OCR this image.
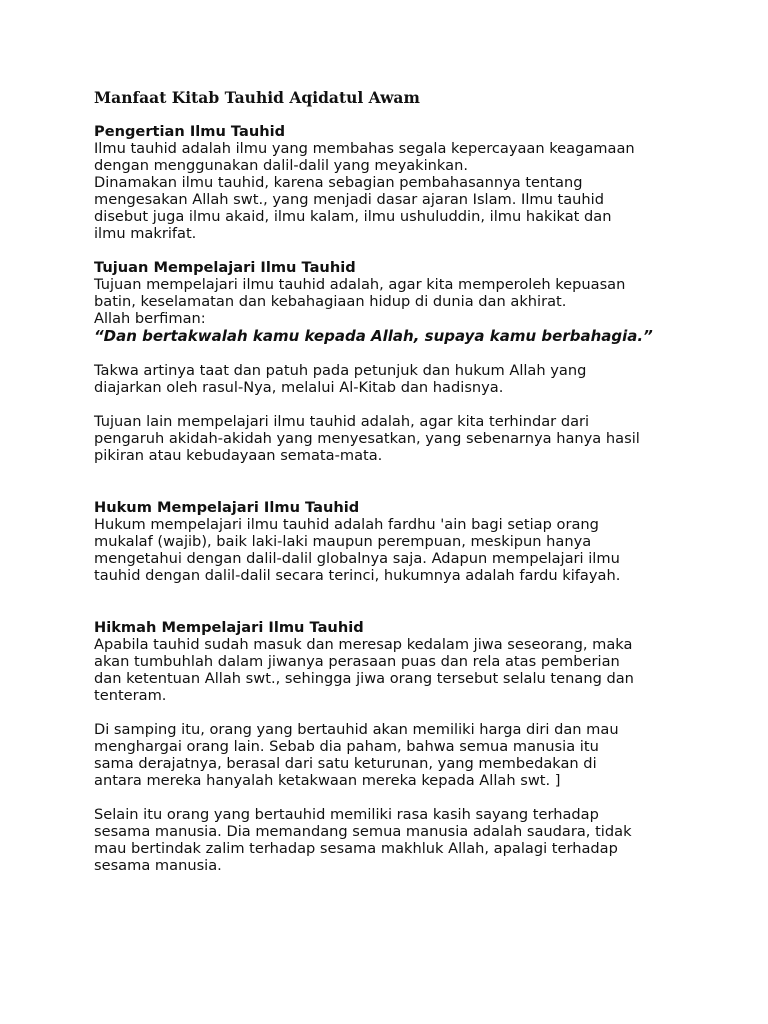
Manfaat Kitab Tauhid Aqidatul Awam
Pengertian Ilmu Tauhid

Ilmu tauhid adalah ilmu yang membahas segala kepercayaan keagamaan
dengan menggunakan dalil-dalil yang meyakinkan.

Dinamakan ilmu tauhid, karena sebagian pembahasannya tentang
mengesakan Allah swt., yang menjadi dasar ajaran Islam. Ilmu tauhid
disebut juga ilmu akaid, ilmu kalam, ilmu ushuluddin, ilmu hakikat dan
ilmu makrifat.

Tujuan Mempelajari Ilmu Tauhid

Tujuan mempelajari ilmu tauhid adalah, agar kita memperoleh kepuasan
batin, keselamatan dan kebahagiaan hidup di dunia dan akhirat.
Allah berfiman:

“Dan bertakwalah kamu kepada Allah, supaya kamu berbahagia.”

Takwa artinya taat dan patuh pada petunjuk dan hukum Allah yang
diajarkan oleh rasul-Nya, melalui Al-Kitab dan hadisnya.

Tujuan lain mempelajari ilmu tauhid adalah, agar kita terhindar dari
pengaruh akidah-akidah yang menyesatkan, yang sebenarnya hanya hasil
pikiran atau kebudayaan semata-mata.

Hukum Mempelajari Ilmu Tauhid

Hukum mempelajari ilmu tauhid adalah fardhu 'ain bagi setiap orang
mukalaf (wajib), baik laki-laki maupun perempuan, meskipun hanya
mengetahui dengan dalil-dalil globalnya saja. Adapun mempelajari ilmu
tauhid dengan dalil-dalil secara terinci, hukumnya adalah fardu kifayah.

Hikmah Mempelajari Ilmu Tauhid

Apabila tauhid sudah masuk dan meresap kedalam jiwa seseorang, maka
akan tumbuhlah dalam jiwanya perasaan puas dan rela atas pemberian
dan ketentuan Allah swt., sehingga jiwa orang tersebut selalu tenang dan
tenteram.

Di samping itu, orang yang bertauhid akan memiliki harga diri dan mau
menghargai orang lain. Sebab dia paham, bahwa semua manusia itu
sama derajatnya, berasal dari satu keturunan, yang membedakan di
antara mereka hanyalah ketakwaan mereka kepada Allah swt. ]

Selain itu orang yang bertauhid memiliki rasa kasih sayang terhadap
sesama manusia. Dia memandang semua manusia adalah saudara, tidak
mau bertindak zalim terhadap sesama makhluk Allah, apalagi terhadap
sesama manusia.
